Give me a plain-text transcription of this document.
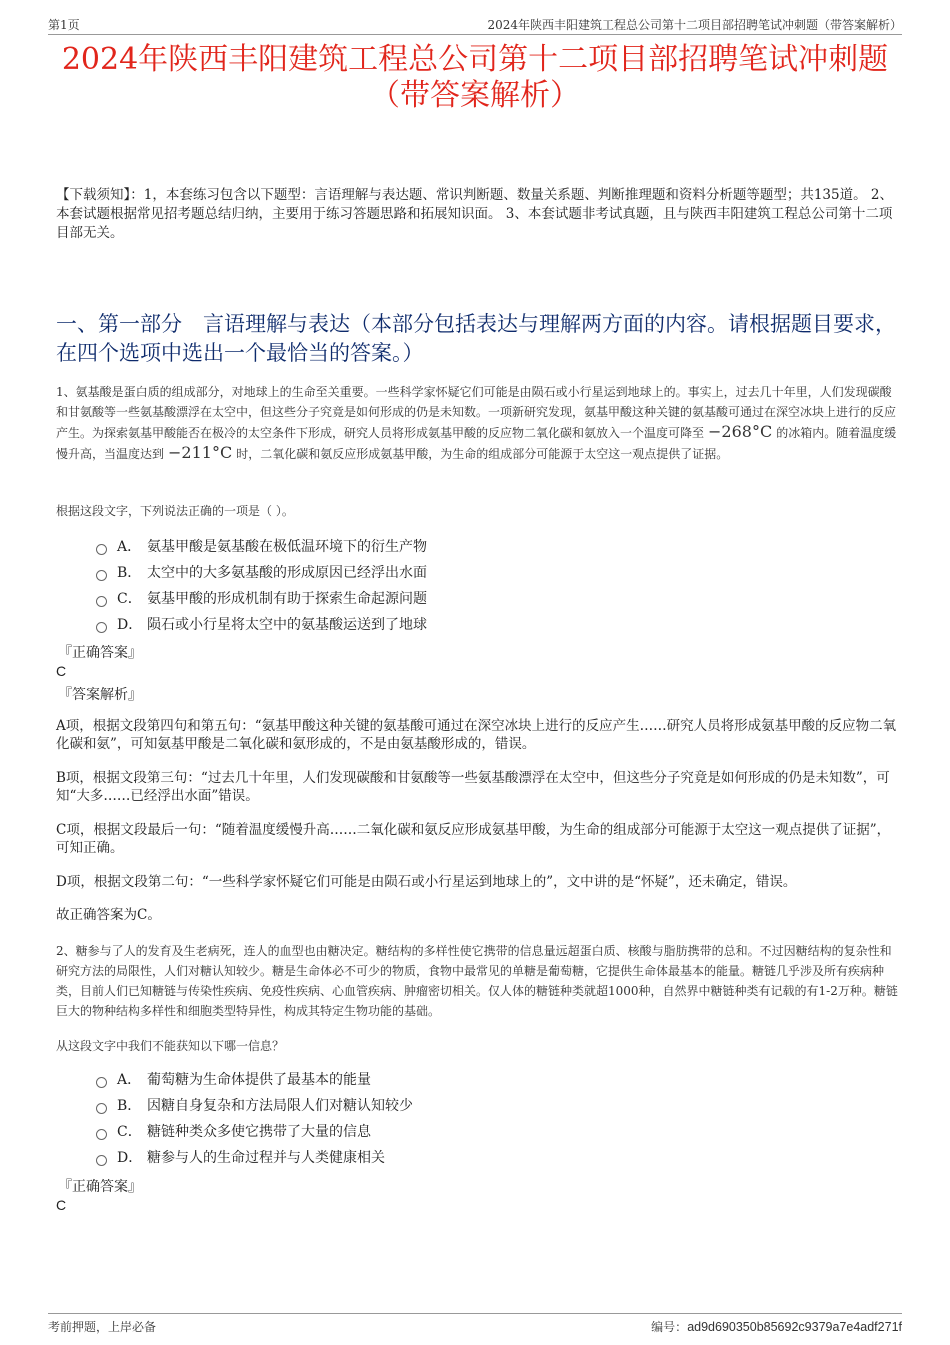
第1页	2024年陕西丰阳建筑工程总公司第十二项目部招聘笔试冲刺题（带答案解析）
2024年陕西丰阳建筑工程总公司第十二项目部招聘笔试冲刺题
（带答案解析）
【下载须知】：1，本套练习包含以下题型：言语理解与表达题、常识判断题、数量关系题、判断推理题和资料分析题等题型；共135道。 2、本套试题根据常见招考题总结归纳，主要用于练习答题思路和拓展知识面。 3、本套试题非考试真题，且与陕西丰阳建筑工程总公司第十二项目部无关。
一、第一部分　言语理解与表达（本部分包括表达与理解两方面的内容。请根据题目要求，在四个选项中选出一个最恰当的答案。）
1、氨基酸是蛋白质的组成部分，对地球上的生命至关重要。一些科学家怀疑它们可能是由陨石或小行星运到地球上的。事实上，过去几十年里，人们发现碳酸和甘氨酸等一些氨基酸漂浮在太空中，但这些分子究竟是如何形成的仍是未知数。一项新研究发现，氨基甲酸这种关键的氨基酸可通过在深空冰块上进行的反应产生。为探索氨基甲酸能否在极冷的太空条件下形成，研究人员将形成氨基甲酸的反应物二氧化碳和氨放入一个温度可降至 −268°C 的冰箱内。随着温度缓慢升高，当温度达到 −211°C 时，二氧化碳和氨反应形成氨基甲酸，为生命的组成部分可能源于太空这一观点提供了证据。
根据这段文字，下列说法正确的一项是（ ）。
A． 氨基甲酸是氨基酸在极低温环境下的衍生产物
B． 太空中的大多氨基酸的形成原因已经浮出水面
C． 氨基甲酸的形成机制有助于探索生命起源问题
D． 陨石或小行星将太空中的氨基酸运送到了地球
『正确答案』
C
『答案解析』
A项，根据文段第四句和第五句：“氨基甲酸这种关键的氨基酸可通过在深空冰块上进行的反应产生……研究人员将形成氨基甲酸的反应物二氧化碳和氨”，可知氨基甲酸是二氧化碳和氨形成的，不是由氨基酸形成的，错误。
B项，根据文段第三句：“过去几十年里，人们发现碳酸和甘氨酸等一些氨基酸漂浮在太空中，但这些分子究竟是如何形成的仍是未知数”，可知“大多……已经浮出水面”错误。
C项，根据文段最后一句：“随着温度缓慢升高……二氧化碳和氨反应形成氨基甲酸，为生命的组成部分可能源于太空这一观点提供了证据”，可知正确。
D项，根据文段第二句：“一些科学家怀疑它们可能是由陨石或小行星运到地球上的”，文中讲的是“怀疑”，还未确定，错误。
故正确答案为C。
2、糖参与了人的发育及生老病死，连人的血型也由糖决定。糖结构的多样性使它携带的信息量远超蛋白质、核酸与脂肪携带的总和。不过因糖结构的复杂性和研究方法的局限性，人们对糖认知较少。糖是生命体必不可少的物质，食物中最常见的单糖是葡萄糖，它提供生命体最基本的能量。糖链几乎涉及所有疾病种类，目前人们已知糖链与传染性疾病、免疫性疾病、心血管疾病、肿瘤密切相关。仅人体的糖链种类就超1000种，自然界中糖链种类有记载的有1-2万种。糖链巨大的物种结构多样性和细胞类型特异性，构成其特定生物功能的基础。
从这段文字中我们不能获知以下哪一信息？
A． 葡萄糖为生命体提供了最基本的能量
B． 因糖自身复杂和方法局限人们对糖认知较少
C． 糖链种类众多使它携带了大量的信息
D． 糖参与人的生命过程并与人类健康相关
『正确答案』
C
考前押题，上岸必备	编号：ad9d690350b85692c9379a7e4adf271f
